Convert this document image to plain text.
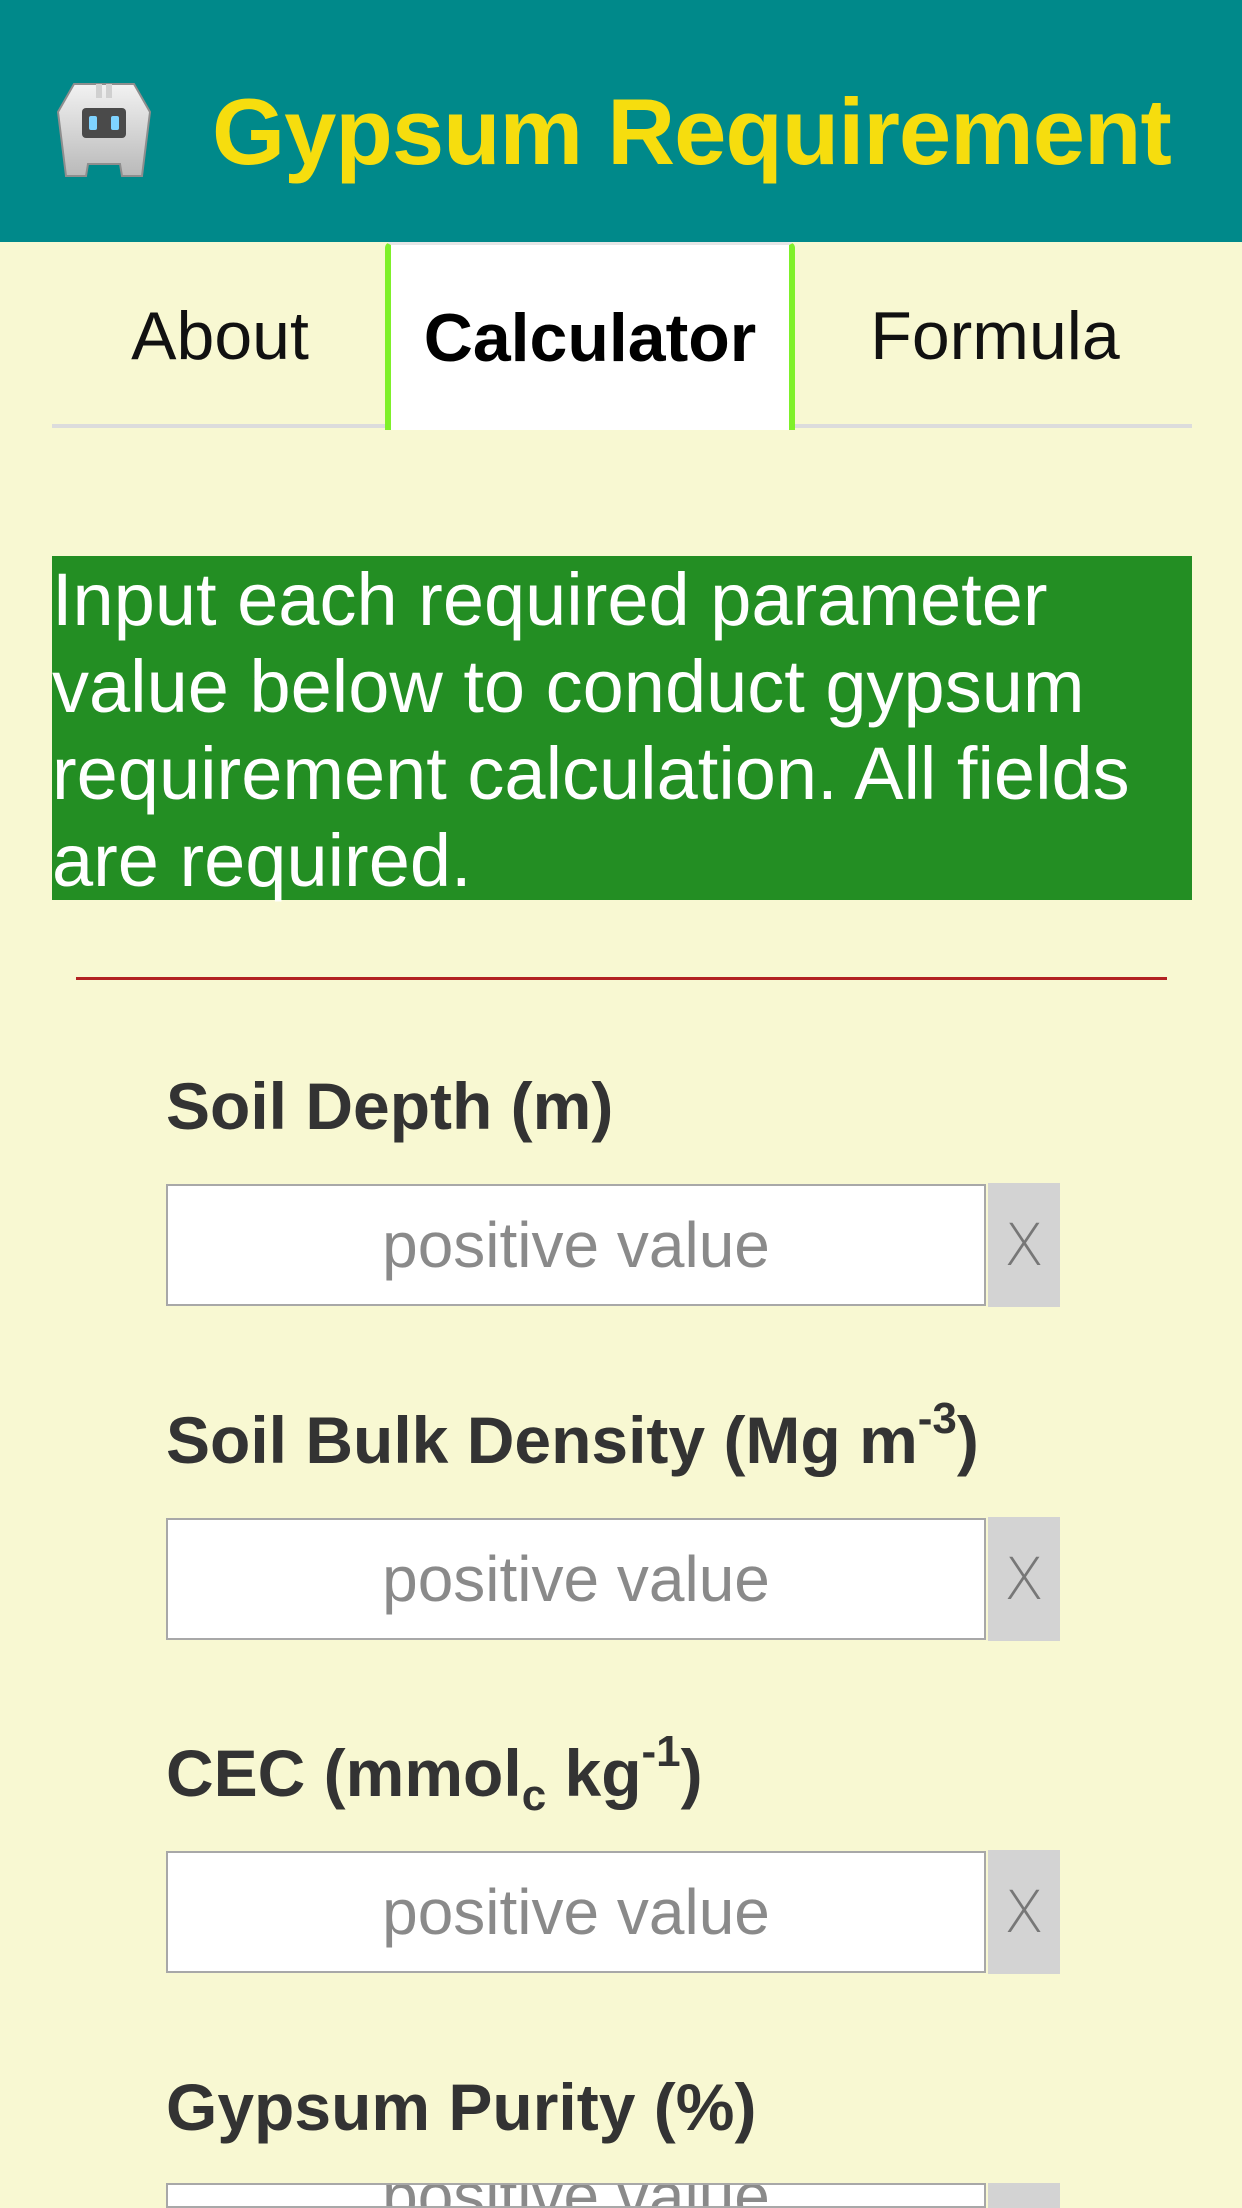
Gypsum Requirement
About	Calculator	Formula
Input each required parameter value below to conduct gypsum requirement calculation. All fields are required.
Soil Depth (m)
positive value
X
Soil Bulk Density (Mg $m^{-3}$)
positive value
X
CEC (mmol$_c$ $kg^{-1}$)
positive value
X
Gypsum Purity (%)
positive value
